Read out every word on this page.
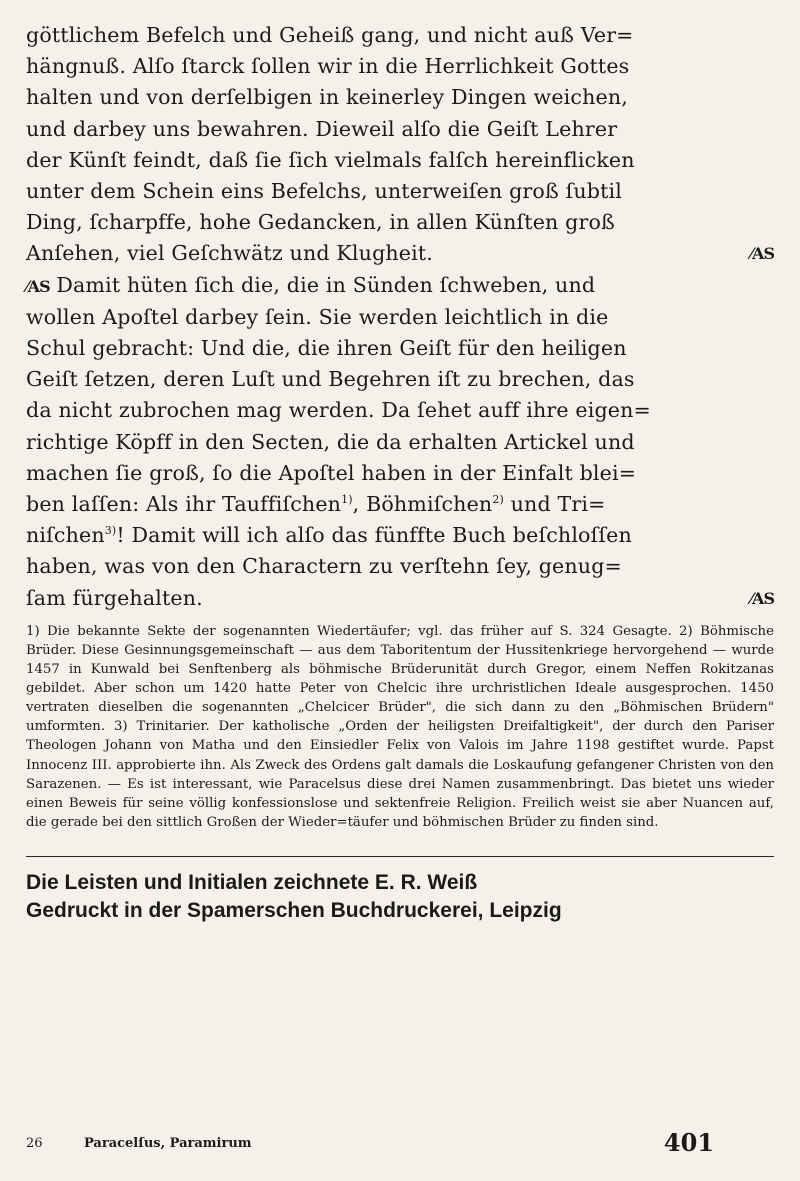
göttlichem Befelch und Geheiß gang, und nicht auß Ver=

hängnuß. Alſo ſtarck ſollen wir in die Herrlichkeit Gottes

halten und von derſelbigen in keinerley Dingen weichen,

und darbey uns bewahren. Dieweil alſo die Geiſt Lehrer

der Künſt feindt, daß ſie ſich vielmals falſch hereinflicken

unter dem Schein eins Befelchs, unterweiſen groß ſubtil

Ding, ſcharpffe, hohe Gedancken, in allen Künſten groß

Anſehen, viel Geſchwätz und Klugheit.	⁄AS

⁄AS Damit hüten ſich die, die in Sünden ſchweben, und

wollen Apoſtel darbey ſein. Sie werden leichtlich in die

Schul gebracht: Und die, die ihren Geiſt für den heiligen

Geiſt ſetzen, deren Luſt und Begehren iſt zu brechen, das

da nicht zubrochen mag werden. Da ſehet auff ihre eigen=

richtige Köpff in den Secten, die da erhalten Artickel und

machen ſie groß, ſo die Apoſtel haben in der Einfalt blei=

ben laſſen: Als ihr Tauffiſchen$^{1)}$, Böhmiſchen$^{2)}$ und Tri=

niſchen$^{3)}$! Damit will ich alſo das fünffte Buch beſchloſſen

haben, was von den Charactern zu verſtehn ſey, genug=

ſam fürgehalten.	⁄AS

1) Die bekannte Sekte der sogenannten Wiedertäufer; vgl. das früher auf S. 324 Gesagte. 2) Böhmische Brüder. Diese Gesinnungsgemeinschaft — aus dem Taboritentum der Hussitenkriege hervorgehend — wurde 1457 in Kunwald bei Senftenberg als böhmische Brüderunität durch Gregor, einem Neffen Rokitzanas gebildet. Aber schon um 1420 hatte Peter von Chelcic ihre urchristlichen Ideale ausgesprochen. 1450 vertraten dieselben die sogenannten „Chelcicer Brüder", die sich dann zu den „Böhmischen Brüdern" umformten. 3) Trinitarier. Der katholische „Orden der heiligsten Dreifaltigkeit", der durch den Pariser Theologen Johann von Matha und den Einsiedler Felix von Valois im Jahre 1198 gestiftet wurde. Papst Innocenz III. approbierte ihn. Als Zweck des Ordens galt damals die Loskaufung gefangener Christen von den Sarazenen. — Es ist interessant, wie Paracelsus diese drei Namen zusammenbringt. Das bietet uns wieder einen Beweis für seine völlig konfessionslose und sektenfreie Religion. Freilich weist sie aber Nuancen auf, die gerade bei den sittlich Großen der Wieder=täufer und böhmischen Brüder zu finden sind.

Die Leisten und Initialen zeichnete E. R. Weiß

Gedruckt in der Spamerschen Buchdruckerei, Leipzig

26	Paracelſus, Paramirum	401
